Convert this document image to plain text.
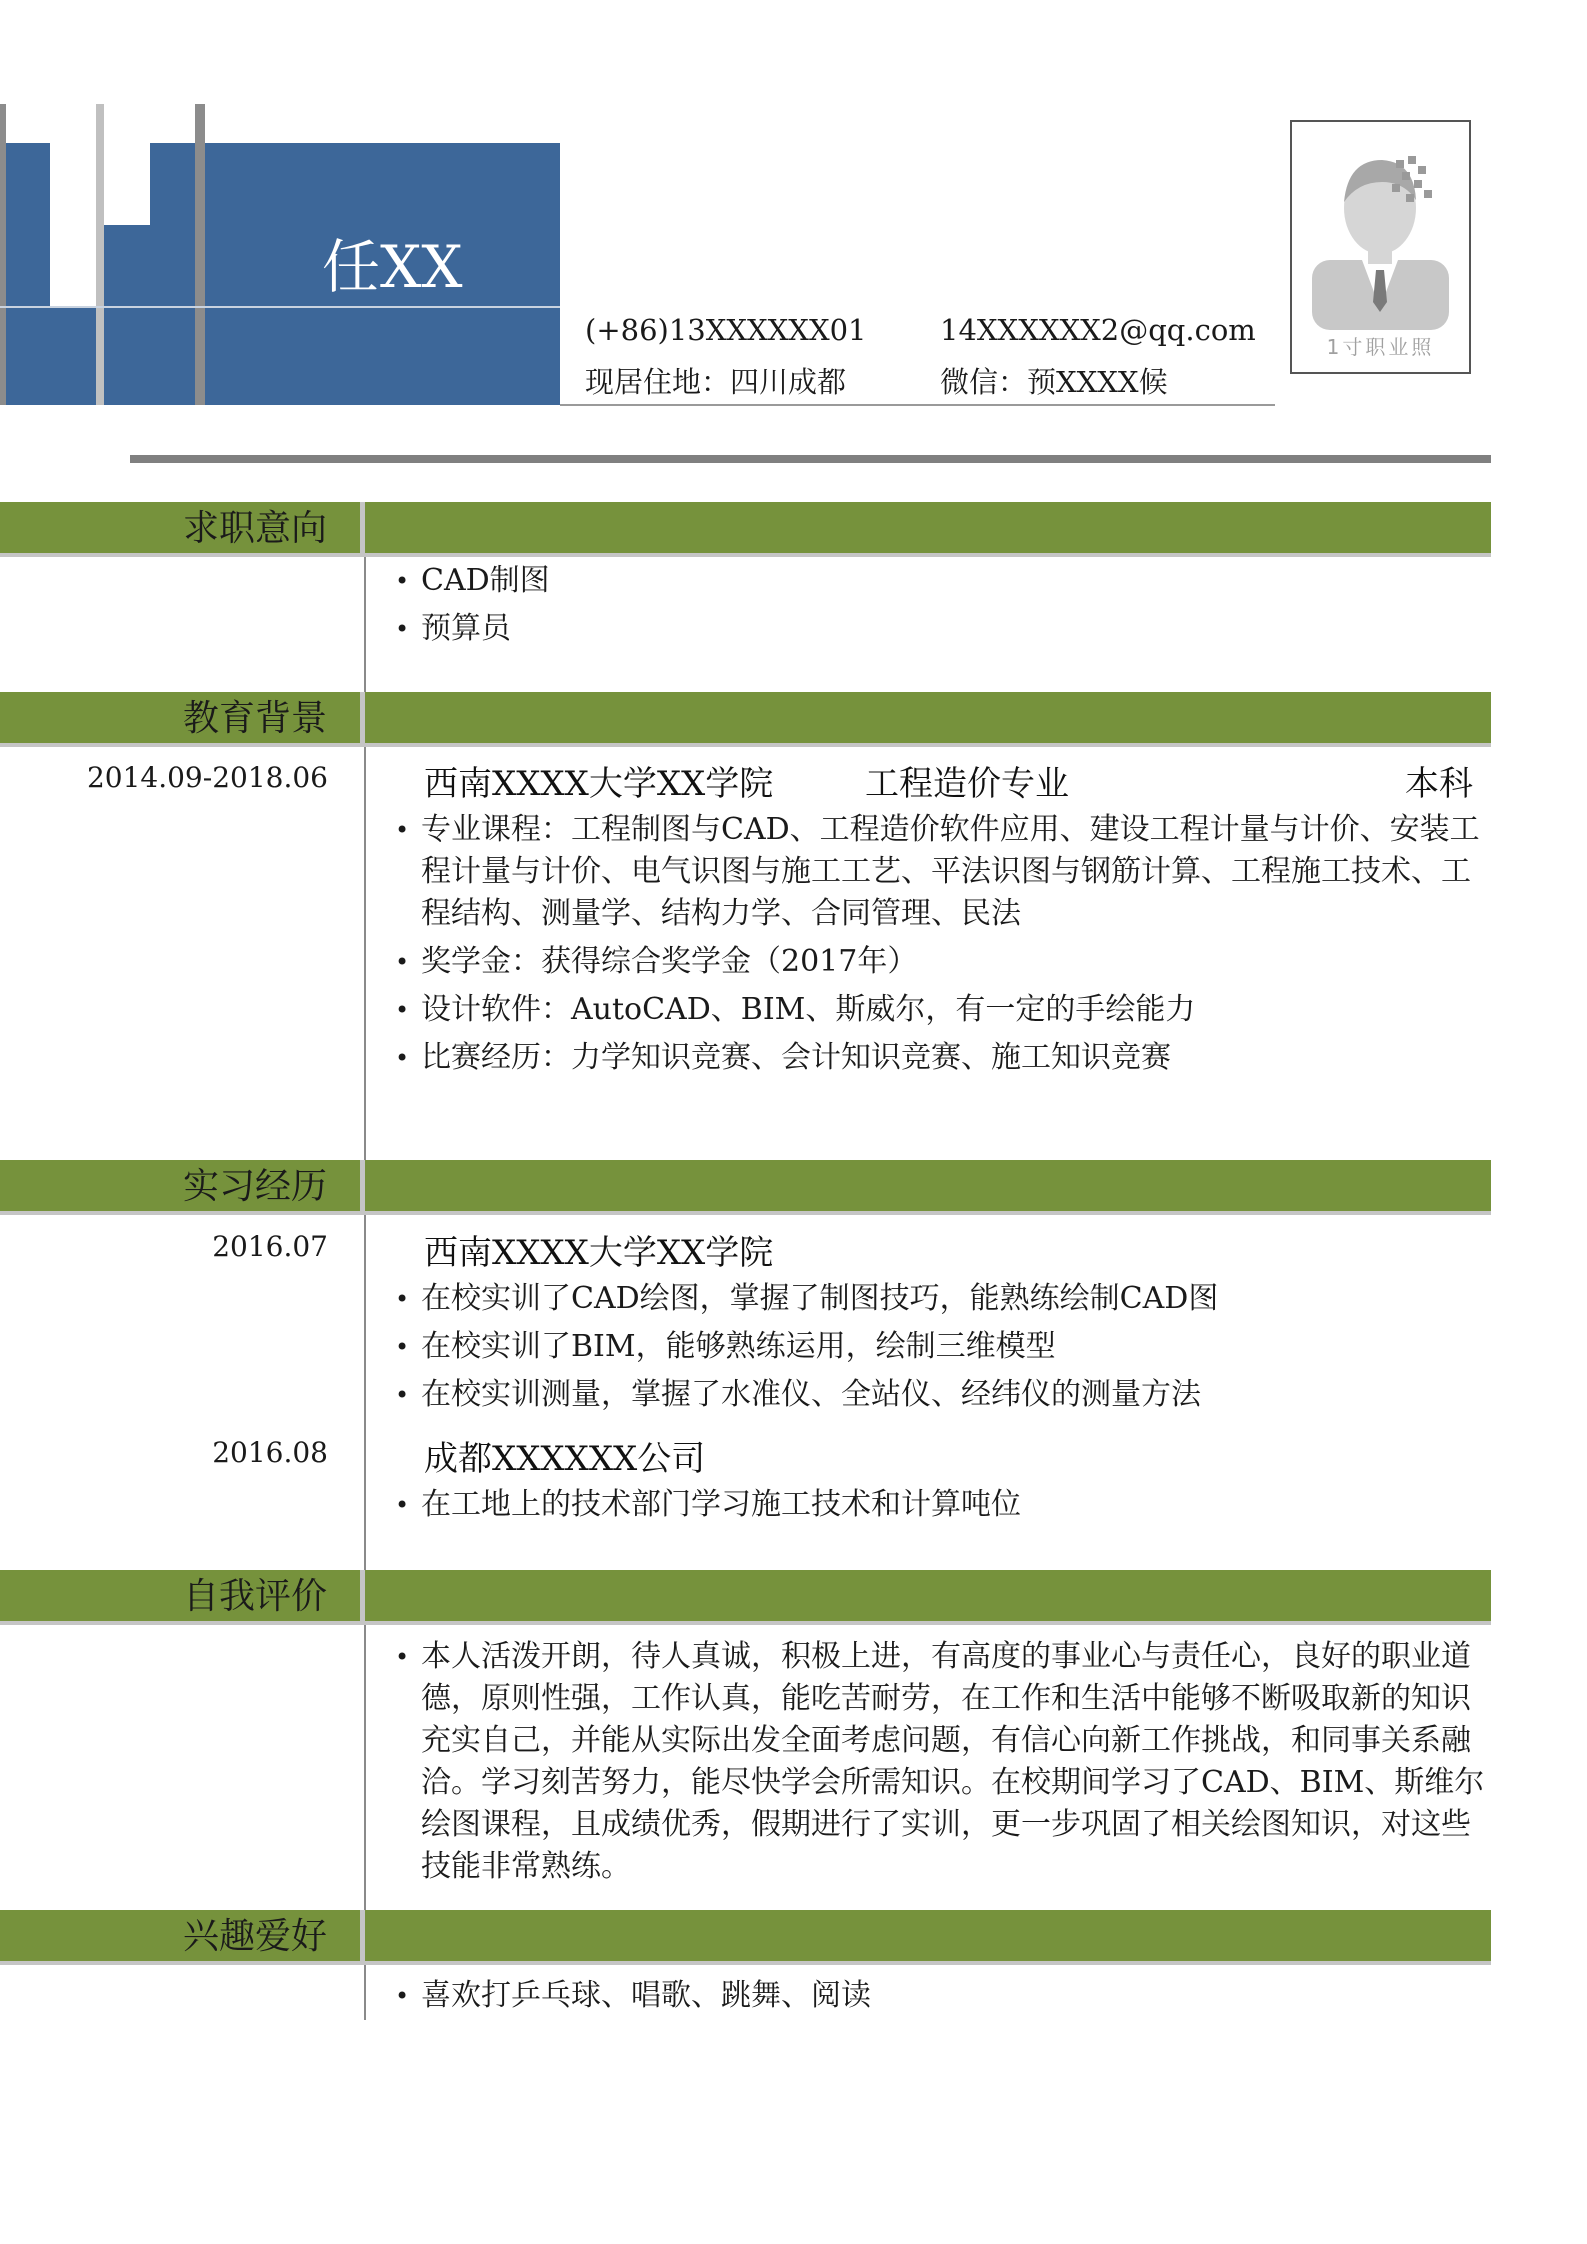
任XX
(+86)13XXXXXX01	14XXXXXX2@qq.com
现居住地：四川成都	微信：预XXXX候
1寸职业照
求职意向
• CAD制图
• 预算员
教育背景
2014.09-2018.06	西南XXXX大学XX学院	工程造价专业	本科
• 专业课程：工程制图与CAD、工程造价软件应用、建设工程计量与计价、安装工程计量与计价、电气识图与施工工艺、平法识图与钢筋计算、工程施工技术、工程结构、测量学、结构力学、合同管理、民法
• 奖学金：获得综合奖学金（2017年）
• 设计软件：AutoCAD、BIM、斯威尔，有一定的手绘能力
• 比赛经历：力学知识竞赛、会计知识竞赛、施工知识竞赛
实习经历
2016.07	西南XXXX大学XX学院
• 在校实训了CAD绘图，掌握了制图技巧，能熟练绘制CAD图
• 在校实训了BIM，能够熟练运用，绘制三维模型
• 在校实训测量，掌握了水准仪、全站仪、经纬仪的测量方法
2016.08	成都XXXXXX公司
• 在工地上的技术部门学习施工技术和计算吨位
自我评价
• 本人活泼开朗，待人真诚，积极上进，有高度的事业心与责任心，良好的职业道德，原则性强，工作认真，能吃苦耐劳，在工作和生活中能够不断吸取新的知识充实自己，并能从实际出发全面考虑问题，有信心向新工作挑战，和同事关系融洽。学习刻苦努力，能尽快学会所需知识。在校期间学习了CAD、BIM、斯维尔绘图课程，且成绩优秀，假期进行了实训，更一步巩固了相关绘图知识，对这些技能非常熟练。
兴趣爱好
• 喜欢打乒乓球、唱歌、跳舞、阅读
